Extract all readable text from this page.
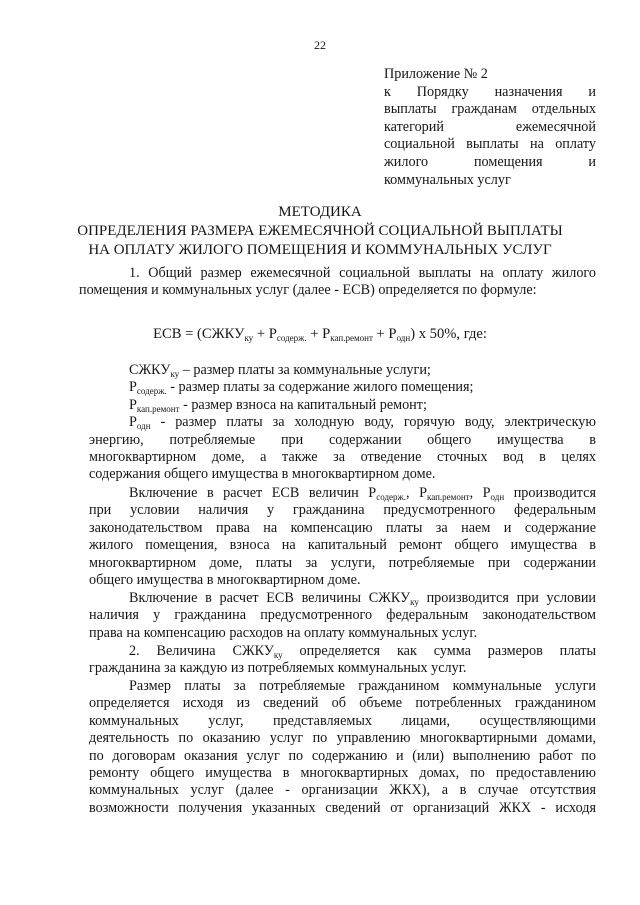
22
Приложение № 2
к Порядку назначения и
выплаты гражданам отдельных
категорий ежемесячной
социальной выплаты на оплату
жилого помещения и
коммунальных услуг
МЕТОДИКА
ОПРЕДЕЛЕНИЯ РАЗМЕРА ЕЖЕМЕСЯЧНОЙ СОЦИАЛЬНОЙ ВЫПЛАТЫ
НА ОПЛАТУ ЖИЛОГО ПОМЕЩЕНИЯ И КОММУНАЛЬНЫХ УСЛУГ
1. Общий размер ежемесячной социальной выплаты на оплату жилого
помещения и коммунальных услуг (далее - ЕСВ) определяется по формуле:
ЕСВ = $(СЖКУ_{ку} + Р_{содерж.} + Р_{кап.ремонт} + Р_{одн})$ х 50%, где:
$СЖКУ_{ку}$ – размер платы за коммунальные услуги;
$Р_{содерж.}$ - размер платы за содержание жилого помещения;
$Р_{кап.ремонт}$ - размер взноса на капитальный ремонт;
$Р_{одн}$ - размер платы за холодную воду, горячую воду, электрическую
энергию, потребляемые при содержании общего имущества в
многоквартирном доме, а также за отведение сточных вод в целях
содержания общего имущества в многоквартирном доме.
Включение в расчет ЕСВ величин $Р_{содерж.}$, $Р_{кап.ремонт}$, $Р_{одн}$ производится
при условии наличия у гражданина предусмотренного федеральным
законодательством права на компенсацию платы за наем и содержание
жилого помещения, взноса на капитальный ремонт общего имущества в
многоквартирном доме, платы за услуги, потребляемые при содержании
общего имущества в многоквартирном доме.
Включение в расчет ЕСВ величины $СЖКУ_{ку}$ производится при условии
наличия у гражданина предусмотренного федеральным законодательством
права на компенсацию расходов на оплату коммунальных услуг.
2. Величина $СЖКУ_{ку}$ определяется как сумма размеров платы
гражданина за каждую из потребляемых коммунальных услуг.
Размер платы за потребляемые гражданином коммунальные услуги
определяется исходя из сведений об объеме потребленных гражданином
коммунальных услуг, представляемых лицами, осуществляющими
деятельность по оказанию услуг по управлению многоквартирными домами,
по договорам оказания услуг по содержанию и (или) выполнению работ по
ремонту общего имущества в многоквартирных домах, по предоставлению
коммунальных услуг (далее - организации ЖКХ), а в случае отсутствия
возможности получения указанных сведений от организаций ЖКХ - исходя
